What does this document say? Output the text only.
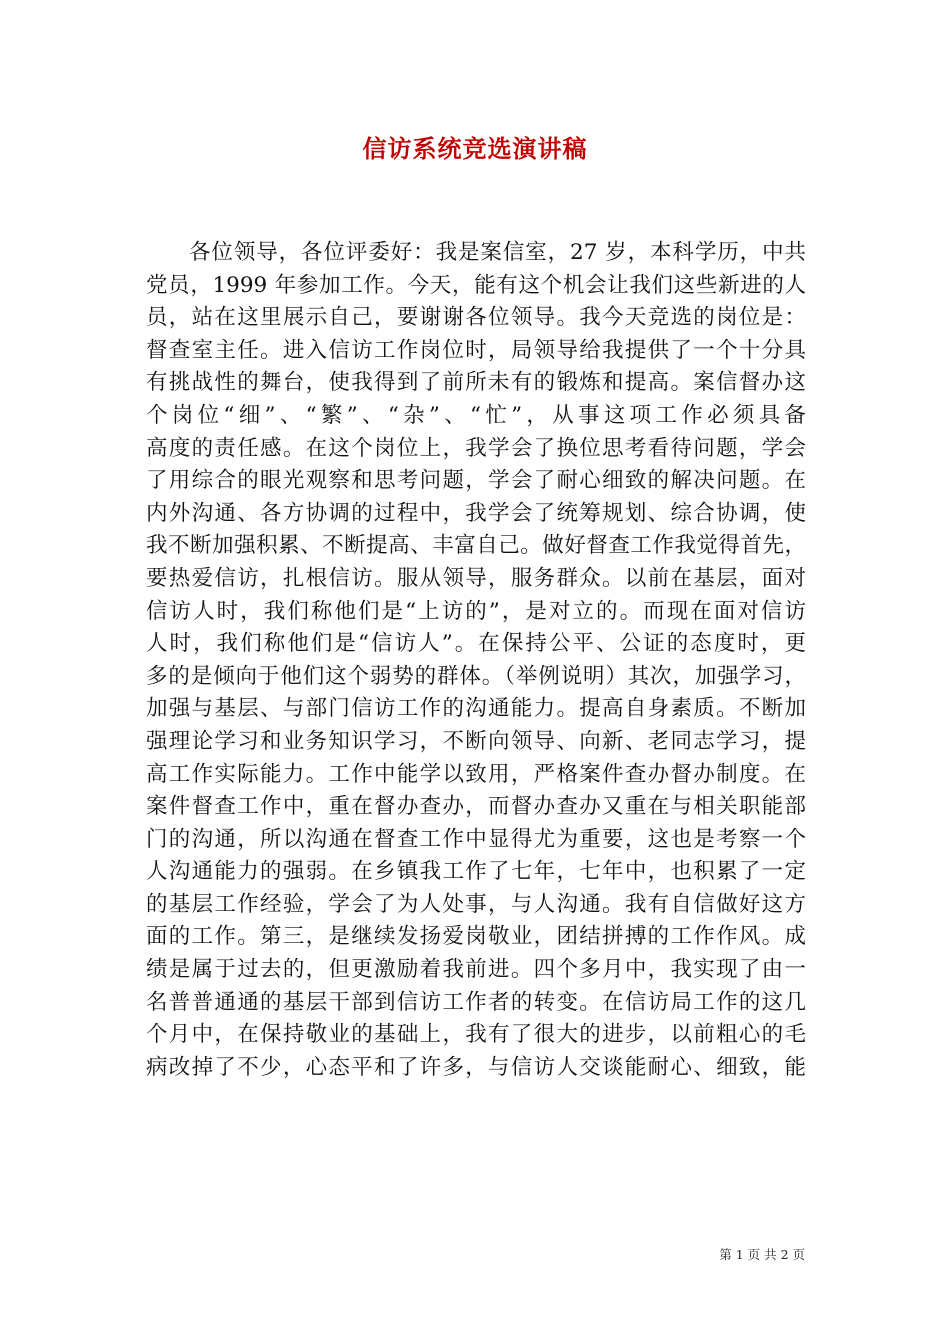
信访系统竞选演讲稿
各位领导，各位评委好：我是案信室，27 岁，本科学历，中共
党员，1999 年参加工作。今天，能有这个机会让我们这些新进的人
员，站在这里展示自己，要谢谢各位领导。我今天竞选的岗位是：
督查室主任。进入信访工作岗位时，局领导给我提供了一个十分具
有挑战性的舞台，使我得到了前所未有的锻炼和提高。案信督办这
个岗位“细”、“繁”、“杂”、“忙”，从事这项工作必须具备
高度的责任感。在这个岗位上，我学会了换位思考看待问题，学会
了用综合的眼光观察和思考问题，学会了耐心细致的解决问题。在
内外沟通、各方协调的过程中，我学会了统筹规划、综合协调，使
我不断加强积累、不断提高、丰富自己。做好督查工作我觉得首先，
要热爱信访，扎根信访。服从领导，服务群众。以前在基层，面对
信访人时，我们称他们是“上访的”，是对立的。而现在面对信访
人时，我们称他们是“信访人”。在保持公平、公证的态度时，更
多的是倾向于他们这个弱势的群体。（举例说明）其次，加强学习，
加强与基层、与部门信访工作的沟通能力。提高自身素质。不断加
强理论学习和业务知识学习，不断向领导、向新、老同志学习，提
高工作实际能力。工作中能学以致用，严格案件查办督办制度。在
案件督查工作中，重在督办查办，而督办查办又重在与相关职能部
门的沟通，所以沟通在督查工作中显得尤为重要，这也是考察一个
人沟通能力的强弱。在乡镇我工作了七年，七年中，也积累了一定
的基层工作经验，学会了为人处事，与人沟通。我有自信做好这方
面的工作。第三，是继续发扬爱岗敬业，团结拼搏的工作作风。成
绩是属于过去的，但更激励着我前进。四个多月中，我实现了由一
名普普通通的基层干部到信访工作者的转变。在信访局工作的这几
个月中，在保持敬业的基础上，我有了很大的进步，以前粗心的毛
病改掉了不少，心态平和了许多，与信访人交谈能耐心、细致，能
第 1 页 共 2 页
